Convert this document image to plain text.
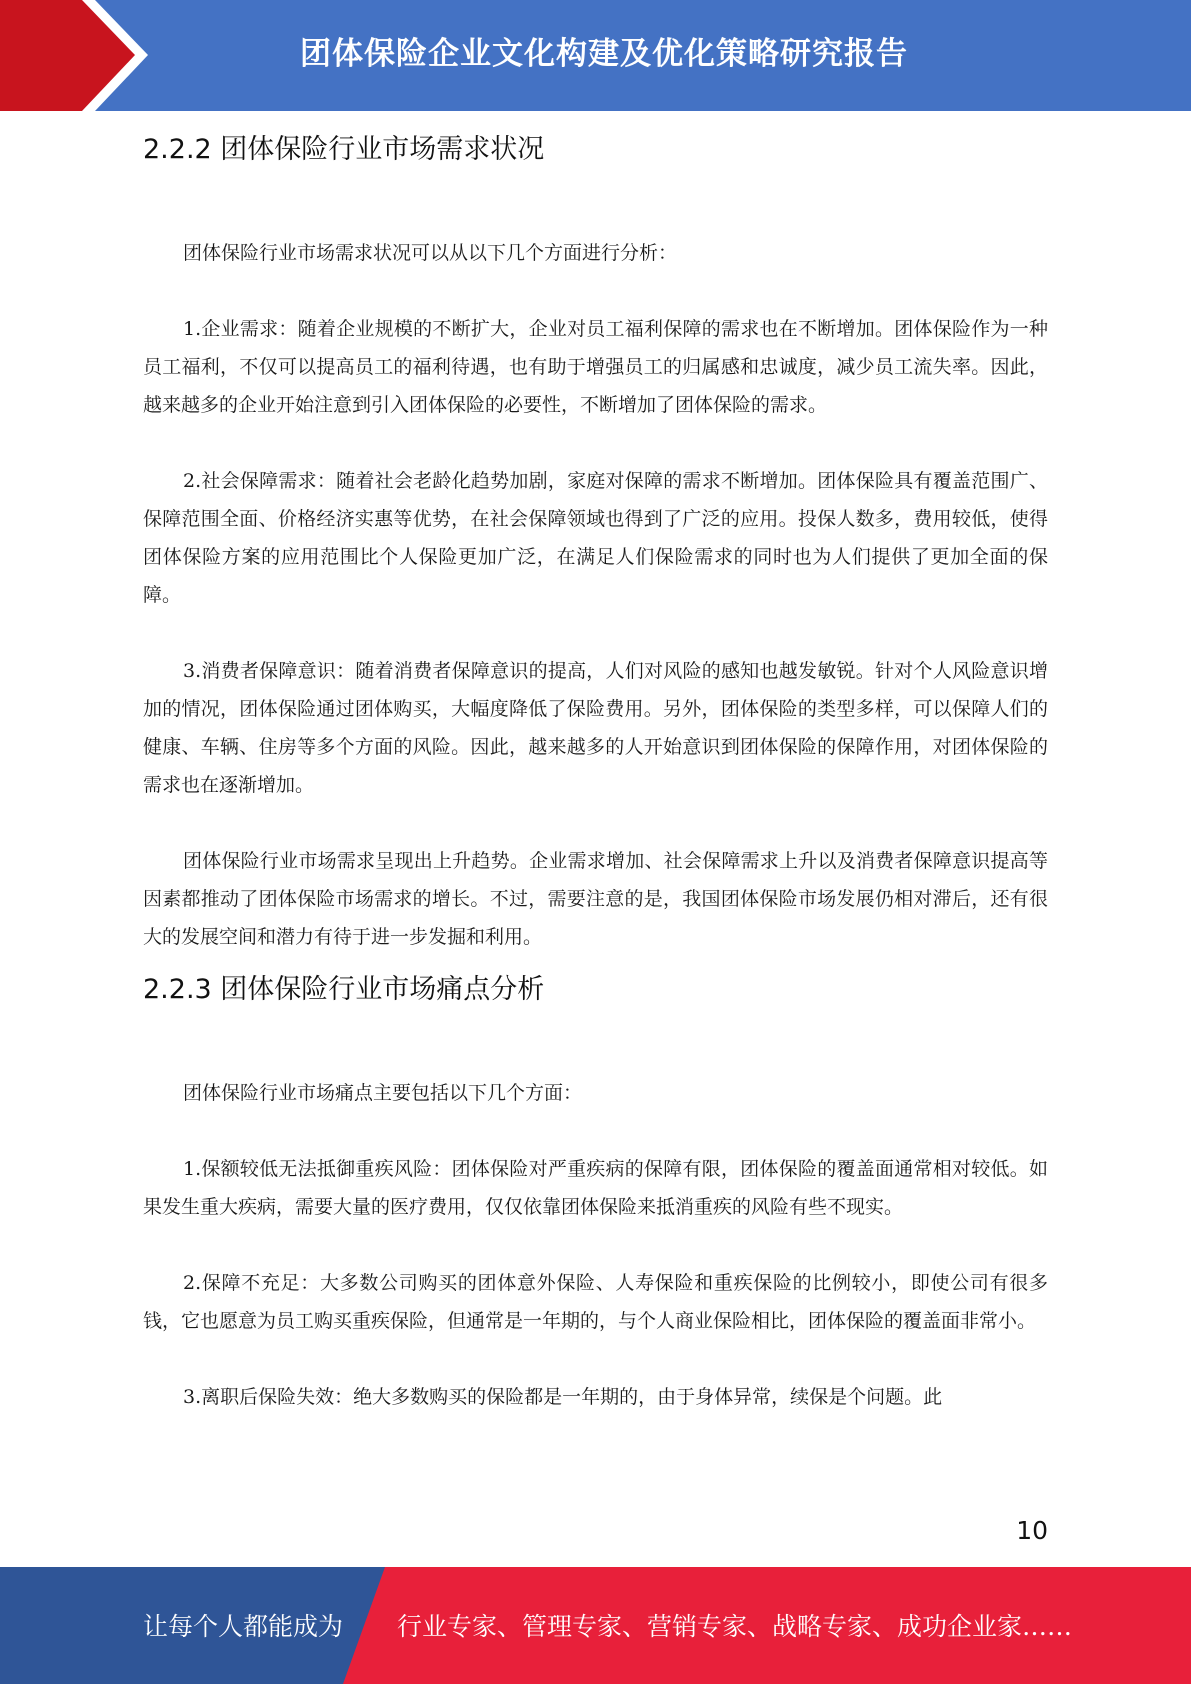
团体保险企业文化构建及优化策略研究报告
2.2.2 团体保险行业市场需求状况

团体保险行业市场需求状况可以从以下几个方面进行分析：

1.企业需求：随着企业规模的不断扩大，企业对员工福利保障的需求也在不断增加。团体保险作为一种员工福利，不仅可以提高员工的福利待遇，也有助于增强员工的归属感和忠诚度，减少员工流失率。因此，越来越多的企业开始注意到引入团体保险的必要性，不断增加了团体保险的需求。

2.社会保障需求：随着社会老龄化趋势加剧，家庭对保障的需求不断增加。团体保险具有覆盖范围广、保障范围全面、价格经济实惠等优势，在社会保障领域也得到了广泛的应用。投保人数多，费用较低，使得团体保险方案的应用范围比个人保险更加广泛，在满足人们保险需求的同时也为人们提供了更加全面的保障。

3.消费者保障意识：随着消费者保障意识的提高，人们对风险的感知也越发敏锐。针对个人风险意识增加的情况，团体保险通过团体购买，大幅度降低了保险费用。另外，团体保险的类型多样，可以保障人们的健康、车辆、住房等多个方面的风险。因此，越来越多的人开始意识到团体保险的保障作用，对团体保险的需求也在逐渐增加。

团体保险行业市场需求呈现出上升趋势。企业需求增加、社会保障需求上升以及消费者保障意识提高等因素都推动了团体保险市场需求的增长。不过，需要注意的是，我国团体保险市场发展仍相对滞后，还有很大的发展空间和潜力有待于进一步发掘和利用。

2.2.3 团体保险行业市场痛点分析

团体保险行业市场痛点主要包括以下几个方面：

1.保额较低无法抵御重疾风险：团体保险对严重疾病的保障有限，团体保险的覆盖面通常相对较低。如果发生重大疾病，需要大量的医疗费用，仅仅依靠团体保险来抵消重疾的风险有些不现实。

2.保障不充足：大多数公司购买的团体意外保险、人寿保险和重疾保险的比例较小，即使公司有很多钱，它也愿意为员工购买重疾保险，但通常是一年期的，与个人商业保险相比，团体保险的覆盖面非常小。

3.离职后保险失效：绝大多数购买的保险都是一年期的，由于身体异常，续保是个问题。此

10
让每个人都能成为 行业专家、管理专家、营销专家、战略专家、成功企业家……
